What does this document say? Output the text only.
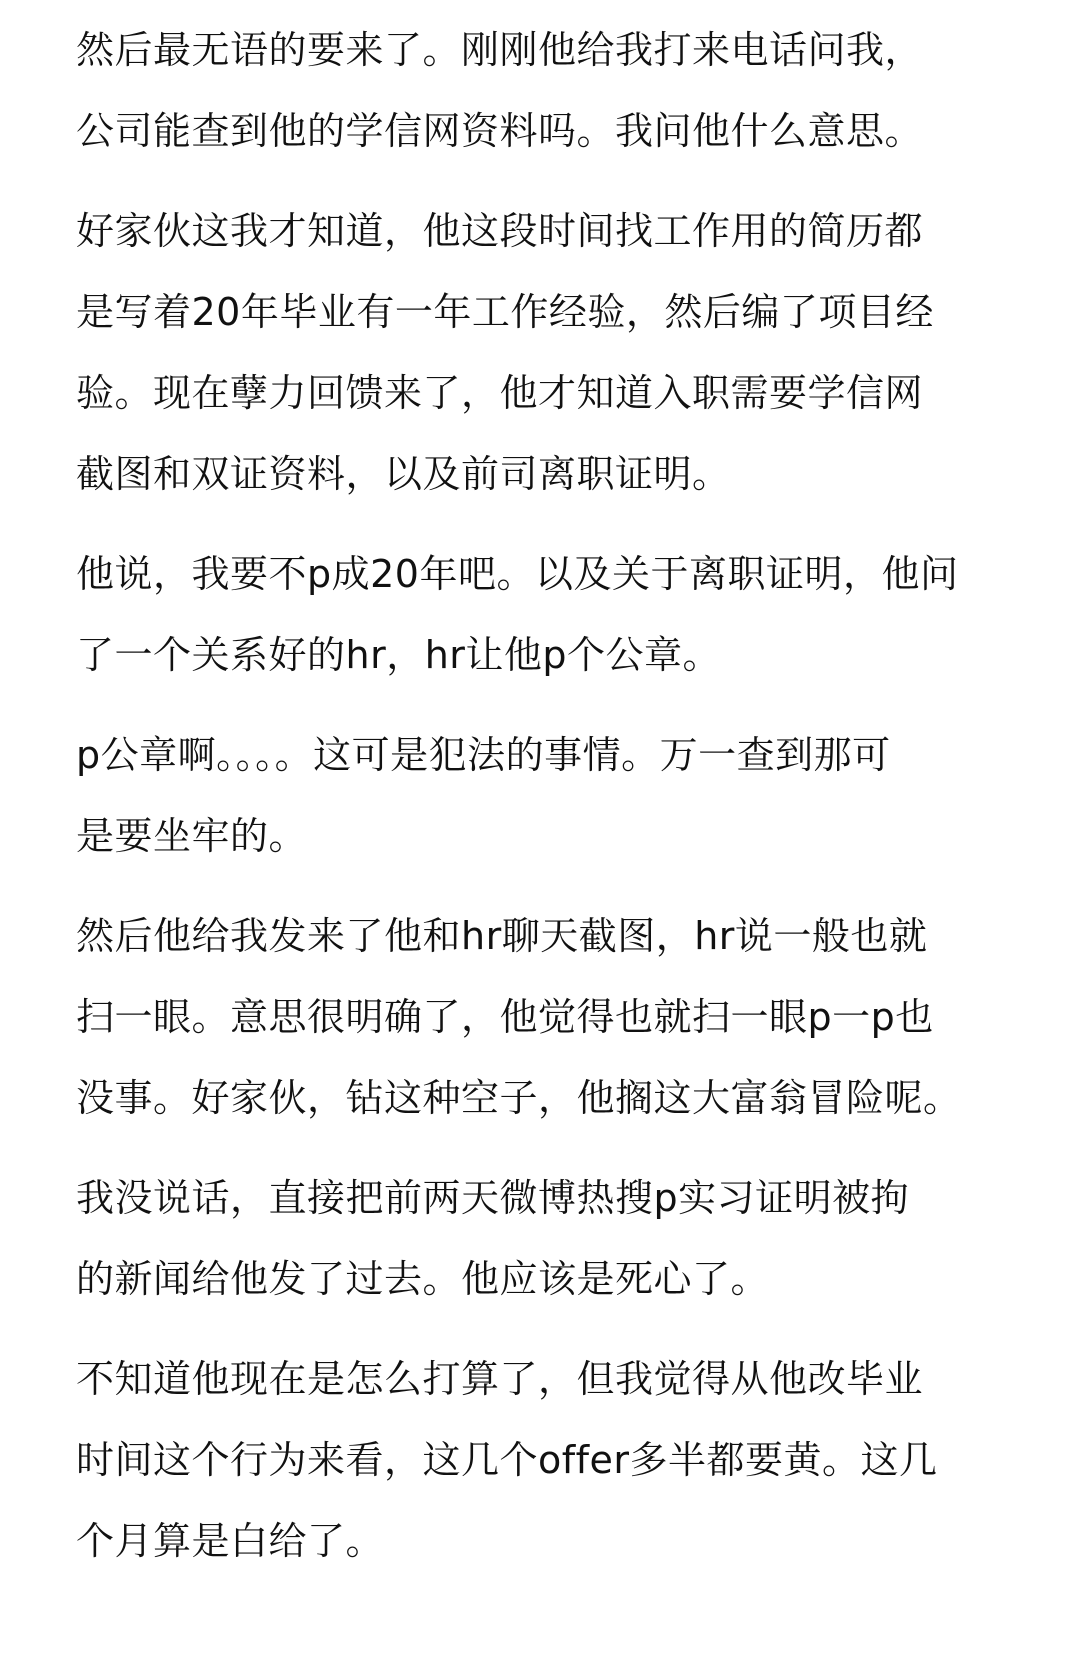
然后最无语的要来了。刚刚他给我打来电话问我，
公司能查到他的学信网资料吗。我问他什么意思。

好家伙这我才知道，他这段时间找工作用的简历都
是写着20年毕业有一年工作经验，然后编了项目经
验。现在孽力回馈来了，他才知道入职需要学信网
截图和双证资料，以及前司离职证明。

他说，我要不p成20年吧。以及关于离职证明，他问
了一个关系好的hr，hr让他p个公章。

p公章啊。。。。这可是犯法的事情。万一查到那可
是要坐牢的。

然后他给我发来了他和hr聊天截图，hr说一般也就
扫一眼。意思很明确了，他觉得也就扫一眼p一p也
没事。好家伙，钻这种空子，他搁这大富翁冒险呢。

我没说话，直接把前两天微博热搜p实习证明被拘
的新闻给他发了过去。他应该是死心了。

不知道他现在是怎么打算了，但我觉得从他改毕业
时间这个行为来看，这几个offer多半都要黄。这几
个月算是白给了。
